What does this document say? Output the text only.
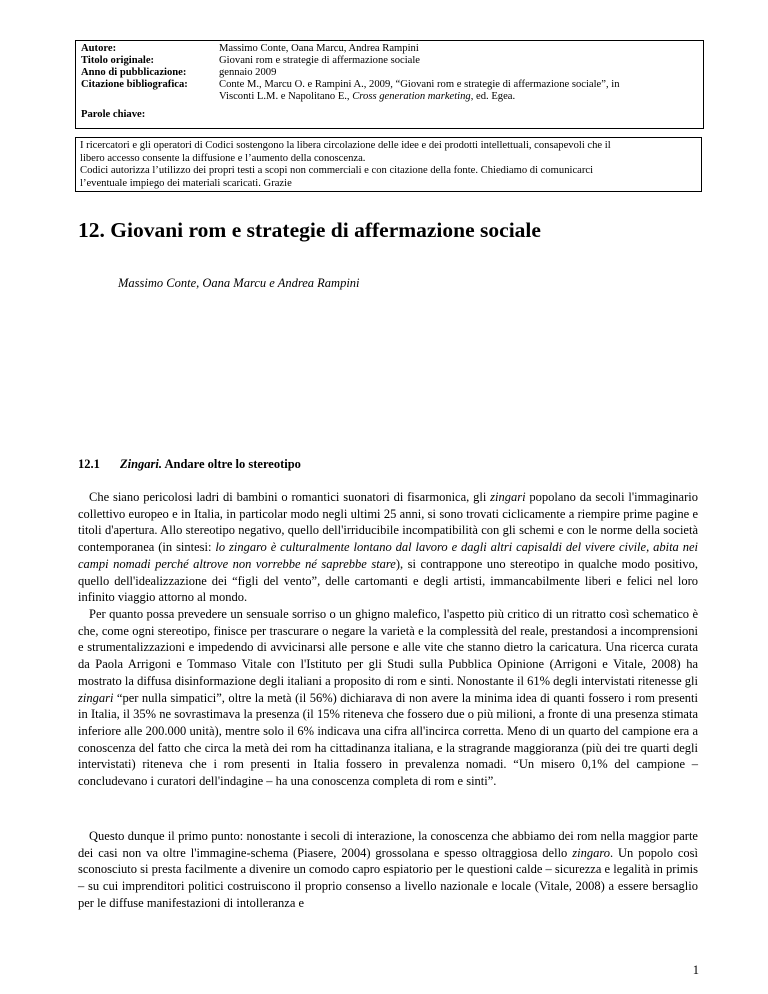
Autore:	Massimo Conte, Oana Marcu, Andrea Rampini
Titolo originale:	Giovani rom e strategie di affermazione sociale
Anno di pubblicazione:	gennaio 2009
Citazione bibliografica:	Conte M., Marcu O. e Rampini A., 2009, “Giovani rom e strategie di affermazione sociale”, in
Visconti L.M. e Napolitano E., Cross generation marketing, ed. Egea.
Parole chiave:

I ricercatori e gli operatori di Codici sostengono la libera circolazione delle idee e dei prodotti intellettuali, consapevoli che il

libero accesso consente la diffusione e l’aumento della conoscenza.

Codici autorizza l’utilizzo dei propri testi a scopi non commerciali e con citazione della fonte. Chiediamo di comunicarci

l’eventuale impiego dei materiali scaricati. Grazie

12. Giovani rom e strategie di affermazione sociale
Massimo Conte, Oana Marcu e Andrea Rampini
12.1 Zingari. Andare oltre lo stereotipo

Che siano pericolosi ladri di bambini o romantici suonatori di fisarmonica, gli zingari popolano da secoli l'immaginario collettivo europeo e in Italia, in particolar modo negli ultimi 25 anni, si sono trovati ciclicamente a riempire prime pagine e titoli d'apertura. Allo stereotipo negativo, quello dell'irriducibile incompatibilità con gli schemi e con le norme della società contemporanea (in sintesi: lo zingaro è culturalmente lontano dal lavoro e dagli altri capisaldi del vivere civile, abita nei campi nomadi perché altrove non vorrebbe né saprebbe stare), si contrappone uno stereotipo in qualche modo positivo, quello dell'idealizzazione dei “figli del vento”, delle cartomanti e degli artisti, immancabilmente liberi e felici nel loro infinito viaggio attorno al mondo.

Per quanto possa prevedere un sensuale sorriso o un ghigno malefico, l'aspetto più critico di un ritratto così schematico è che, come ogni stereotipo, finisce per trascurare o negare la varietà e la complessità del reale, prestandosi a incomprensioni e strumentalizzazioni e impedendo di avvicinarsi alle persone e alle vite che stanno dietro la caricatura. Una ricerca curata da Paola Arrigoni e Tommaso Vitale con l'Istituto per gli Studi sulla Pubblica Opinione (Arrigoni e Vitale, 2008) ha mostrato la diffusa disinformazione degli italiani a proposito di rom e sinti. Nonostante il 61% degli intervistati ritenesse gli zingari “per nulla simpatici”, oltre la metà (il 56%) dichiarava di non avere la minima idea di quanti fossero i rom presenti in Italia, il 35% ne sovrastimava la presenza (il 15% riteneva che fossero due o più milioni, a fronte di una presenza stimata inferiore alle 200.000 unità), mentre solo il 6% indicava una cifra all'incirca corretta. Meno di un quarto del campione era a conoscenza del fatto che circa la metà dei rom ha cittadinanza italiana, e la stragrande maggioranza (più dei tre quarti degli intervistati) riteneva che i rom presenti in Italia fossero in prevalenza nomadi. “Un misero 0,1% del campione – concludevano i curatori dell'indagine – ha una conoscenza completa di rom e sinti”.

Questo dunque il primo punto: nonostante i secoli di interazione, la conoscenza che abbiamo dei rom nella maggior parte dei casi non va oltre l'immagine-schema (Piasere, 2004) grossolana e spesso oltraggiosa dello zingaro. Un popolo così sconosciuto si presta facilmente a divenire un comodo capro espiatorio per le questioni calde – sicurezza e legalità in primis – su cui imprenditori politici costruiscono il proprio consenso a livello nazionale e locale (Vitale, 2008) a essere bersaglio per le diffuse manifestazioni di intolleranza e

1
